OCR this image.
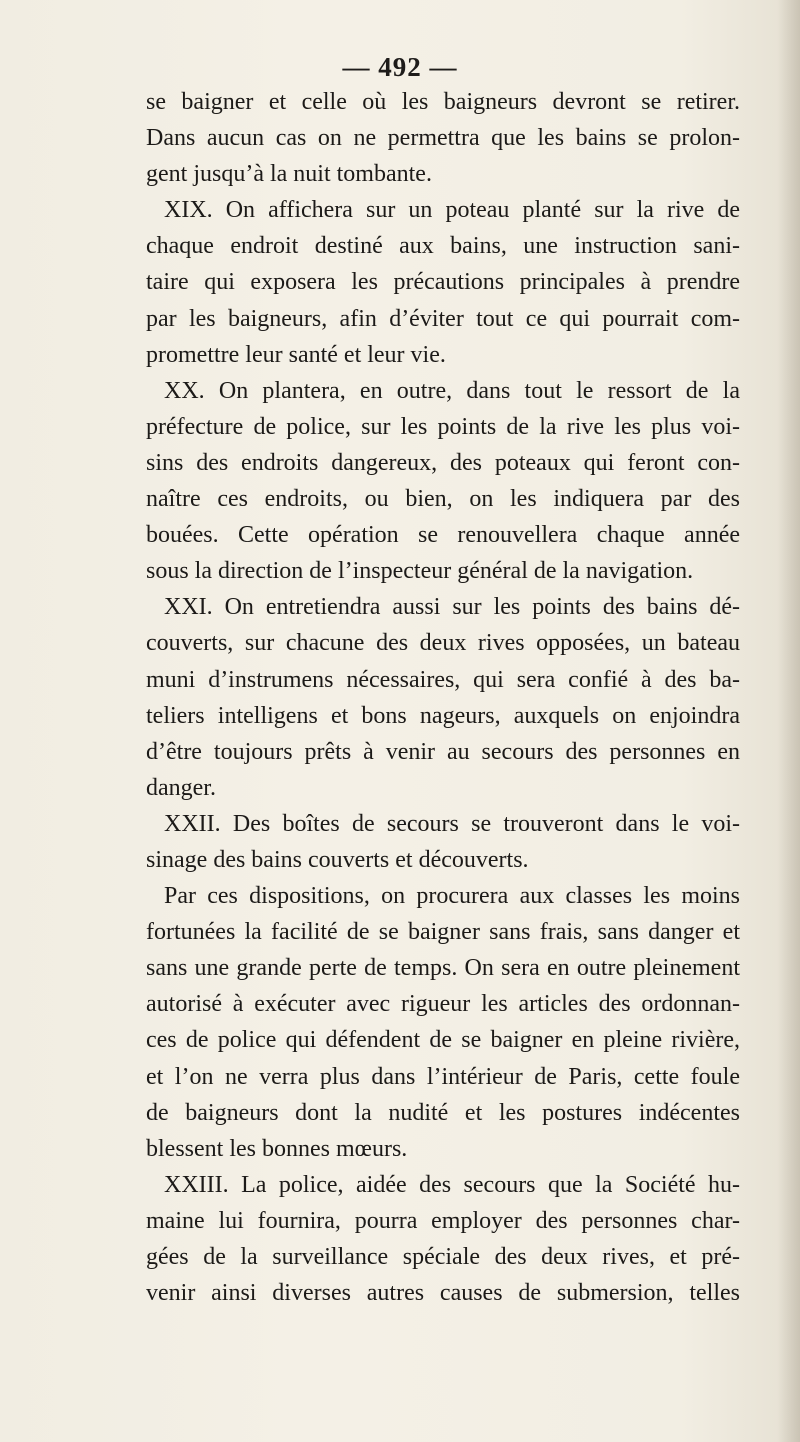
— 492 —
se baigner et celle où les baigneurs devront se retirer.
Dans aucun cas on ne permettra que les bains se prolon-
gent jusqu’à la nuit tombante.
XIX. On affichera sur un poteau planté sur la rive de
chaque endroit destiné aux bains, une instruction sani-
taire qui exposera les précautions principales à prendre
par les baigneurs, afin d’éviter tout ce qui pourrait com-
promettre leur santé et leur vie.
XX. On plantera, en outre, dans tout le ressort de la
préfecture de police, sur les points de la rive les plus voi-
sins des endroits dangereux, des poteaux qui feront con-
naître ces endroits, ou bien, on les indiquera par des
bouées. Cette opération se renouvellera chaque année
sous la direction de l’inspecteur général de la navigation.
XXI. On entretiendra aussi sur les points des bains dé-
couverts, sur chacune des deux rives opposées, un bateau
muni d’instrumens nécessaires, qui sera confié à des ba-
teliers intelligens et bons nageurs, auxquels on enjoindra
d’être toujours prêts à venir au secours des personnes en
danger.
XXII. Des boîtes de secours se trouveront dans le voi-
sinage des bains couverts et découverts.
Par ces dispositions, on procurera aux classes les moins
fortunées la facilité de se baigner sans frais, sans danger et
sans une grande perte de temps. On sera en outre pleinement
autorisé à exécuter avec rigueur les articles des ordonnan-
ces de police qui défendent de se baigner en pleine rivière,
et l’on ne verra plus dans l’intérieur de Paris, cette foule
de baigneurs dont la nudité et les postures indécentes
blessent les bonnes mœurs.
XXIII. La police, aidée des secours que la Société hu-
maine lui fournira, pourra employer des personnes char-
gées de la surveillance spéciale des deux rives, et pré-
venir ainsi diverses autres causes de submersion, telles
